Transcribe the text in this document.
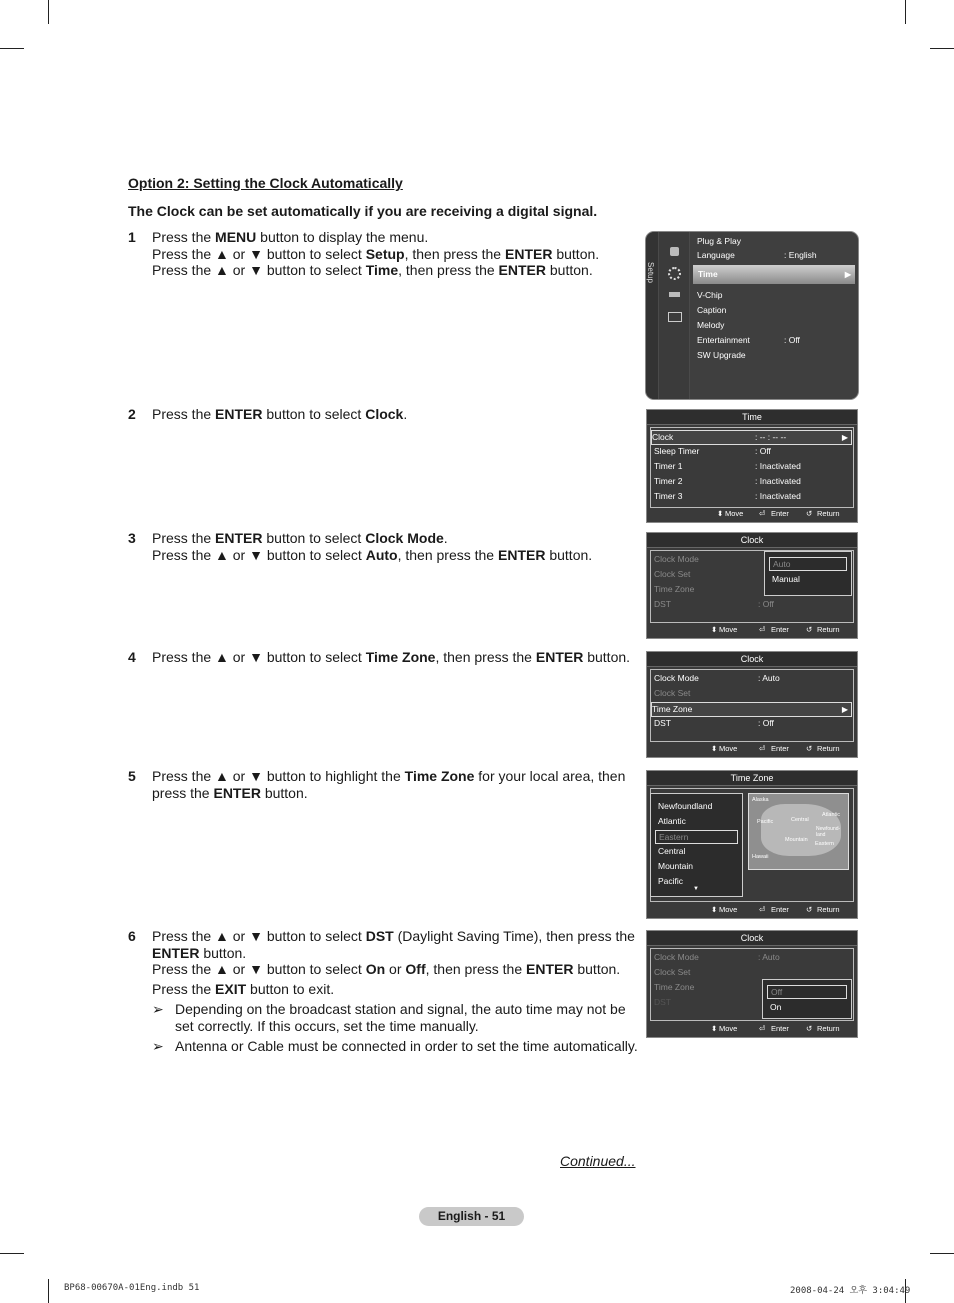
Option 2: Setting the Clock Automatically
The Clock can be set automatically if you are receiving a digital signal.
1 Press the MENU button to display the menu.

Press the ▲ or ▼ button to select Setup, then press the ENTER button.

Press the ▲ or ▼ button to select Time, then press the ENTER button.

2 Press the ENTER button to select Clock.

3 Press the ENTER button to select Clock Mode.

Press the ▲ or ▼ button to select Auto, then press the ENTER button.

4 Press the ▲ or ▼ button to select Time Zone, then press the ENTER button.

5 Press the ▲ or ▼ button to highlight the Time Zone for your local area, then press the ENTER button.

6 Press the ▲ or ▼ button to select DST (Daylight Saving Time), then press the ENTER button.

Press the ▲ or ▼ button to select On or Off, then press the ENTER button.

Press the EXIT button to exit.

➢ Depending on the broadcast station and signal, the auto time may not be set correctly. If this occurs, set the time manually.
➢ Antenna or Cable must be connected in order to set the time automatically.
Setup
Plug & Play
Language	: English
Time	▶
V-Chip
Caption
Melody
Entertainment	: Off
SW Upgrade
Time
Clock	: -- : -- --	▶
Sleep Timer	: Off
Timer 1	: Inactivated
Timer 2	: Inactivated
Timer 3	: Inactivated
⬍ Move ⏎ Enter ↺ Return
Clock
Clock Mode
Clock Set
Time Zone
DST	: Off
Auto
Manual
⬍ Move	⏎ Enter ↺ Return
Clock
Clock Mode	: Auto
Clock Set
Time Zone	▶
DST	: Off
⬍ Move	⏎ Enter ↺ Return
Time Zone
Newfoundland
Atlantic
Eastern
Central
Mountain
Pacific
▼
Alaska
Pacific	Central
Atlantic
Newfound-land
Mountain
Eastern
Hawaii
⬍ Move	⏎ Enter ↺ Return
Clock
Clock Mode	: Auto
Clock Set
Time Zone
DST
Off
On
⬍ Move	⏎ Enter ↺ Return
Continued...
English - 51
BP68-00670A-01Eng.indb 51	2008-04-24 오후 3:04:49
